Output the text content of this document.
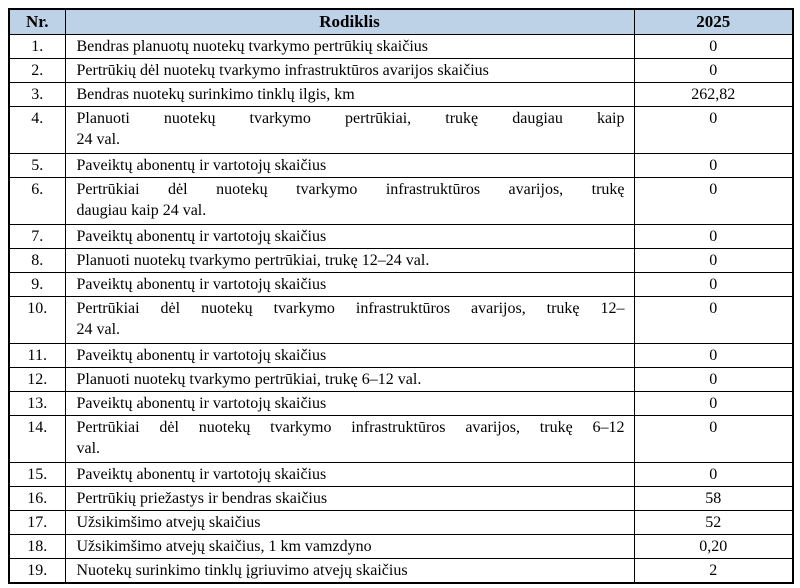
Nr.	Rodiklis	2025
1.	Bendras planuotų nuotekų tvarkymo pertrūkių skaičius	0
2.	Pertrūkių dėl nuotekų tvarkymo infrastruktūros avarijos skaičius	0
3.	Bendras nuotekų surinkimo tinklų ilgis, km	262,82
4.	Planuoti nuotekų tvarkymo pertrūkiai, trukę daugiau kaip
24 val.	0
5.	Paveiktų abonentų ir vartotojų skaičius	0
6.	Pertrūkiai dėl nuotekų tvarkymo infrastruktūros avarijos, trukę
daugiau kaip 24 val.	0
7.	Paveiktų abonentų ir vartotojų skaičius	0
8.	Planuoti nuotekų tvarkymo pertrūkiai, trukę 12–24 val.	0
9.	Paveiktų abonentų ir vartotojų skaičius	0
10.	Pertrūkiai dėl nuotekų tvarkymo infrastruktūros avarijos, trukę 12–
24 val.	0
11.	Paveiktų abonentų ir vartotojų skaičius	0
12.	Planuoti nuotekų tvarkymo pertrūkiai, trukę 6–12 val.	0
13.	Paveiktų abonentų ir vartotojų skaičius	0
14.	Pertrūkiai dėl nuotekų tvarkymo infrastruktūros avarijos, trukę 6–12
val.	0
15.	Paveiktų abonentų ir vartotojų skaičius	0
16.	Pertrūkių priežastys ir bendras skaičius	58
17.	Užsikimšimo atvejų skaičius	52
18.	Užsikimšimo atvejų skaičius, 1 km vamzdyno	0,20
19.	Nuotekų surinkimo tinklų įgriuvimo atvejų skaičius	2
